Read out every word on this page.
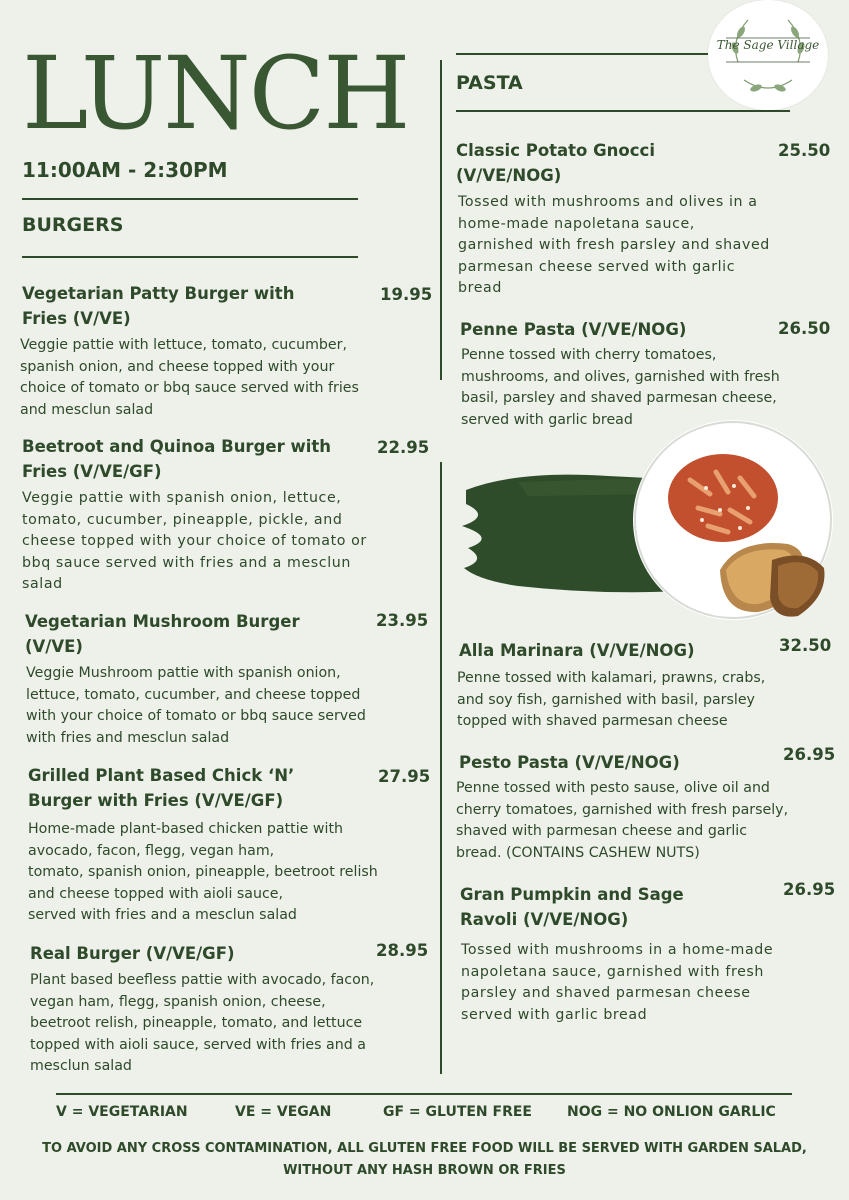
LUNCH
11:00AM - 2:30PM
BURGERS
The Sage Village
Vegetarian Patty Burger with
Fries (V/VE)
19.95
Veggie pattie with lettuce, tomato, cucumber,
spanish onion, and cheese topped with your
choice of tomato or bbq sauce served with fries
and mesclun salad
Beetroot and Quinoa Burger with
Fries (V/VE/GF)
22.95
Veggie pattie with spanish onion, lettuce,
tomato, cucumber, pineapple, pickle, and
cheese topped with your choice of tomato or
bbq sauce served with fries and a mesclun
salad
Vegetarian Mushroom Burger
(V/VE)
23.95
Veggie Mushroom pattie with spanish onion,
lettuce, tomato, cucumber, and cheese topped
with your choice of tomato or bbq sauce served
with fries and mesclun salad
Grilled Plant Based Chick ‘N’
Burger with Fries (V/VE/GF)
27.95
Home-made plant-based chicken pattie with
avocado, facon, flegg, vegan ham,
tomato, spanish onion, pineapple, beetroot relish
and cheese topped with aioli sauce,
served with fries and a mesclun salad
Real Burger (V/VE/GF)	28.95
Plant based beefless pattie with avocado, facon,
vegan ham, flegg, spanish onion, cheese,
beetroot relish, pineapple, tomato, and lettuce
topped with aioli sauce, served with fries and a
mesclun salad
PASTA
Classic Potato Gnocci
(V/VE/NOG)
25.50
Tossed with mushrooms and olives in a
home-made napoletana sauce,
garnished with fresh parsley and shaved
parmesan cheese served with garlic
bread
Penne Pasta (V/VE/NOG)	26.50
Penne tossed with cherry tomatoes,
mushrooms, and olives, garnished with fresh
basil, parsley and shaved parmesan cheese,
served with garlic bread
Alla Marinara (V/VE/NOG)	32.50
Penne tossed with kalamari, prawns, crabs,
and soy fish, garnished with basil, parsley
topped with shaved parmesan cheese
Pesto Pasta (V/VE/NOG)	26.95
Penne tossed with pesto sause, olive oil and
cherry tomatoes, garnished with fresh parsely,
shaved with parmesan cheese and garlic
bread. (CONTAINS CASHEW NUTS)
Gran Pumpkin and Sage
Ravoli (V/VE/NOG)
26.95
Tossed with mushrooms in a home-made
napoletana sauce, garnished with fresh
parsley and shaved parmesan cheese
served with garlic bread
V = VEGETARIAN	VE = VEGAN	GF = GLUTEN FREE	NOG = NO ONLION GARLIC
TO AVOID ANY CROSS CONTAMINATION, ALL GLUTEN FREE FOOD WILL BE SERVED WITH GARDEN SALAD,
WITHOUT ANY HASH BROWN OR FRIES
